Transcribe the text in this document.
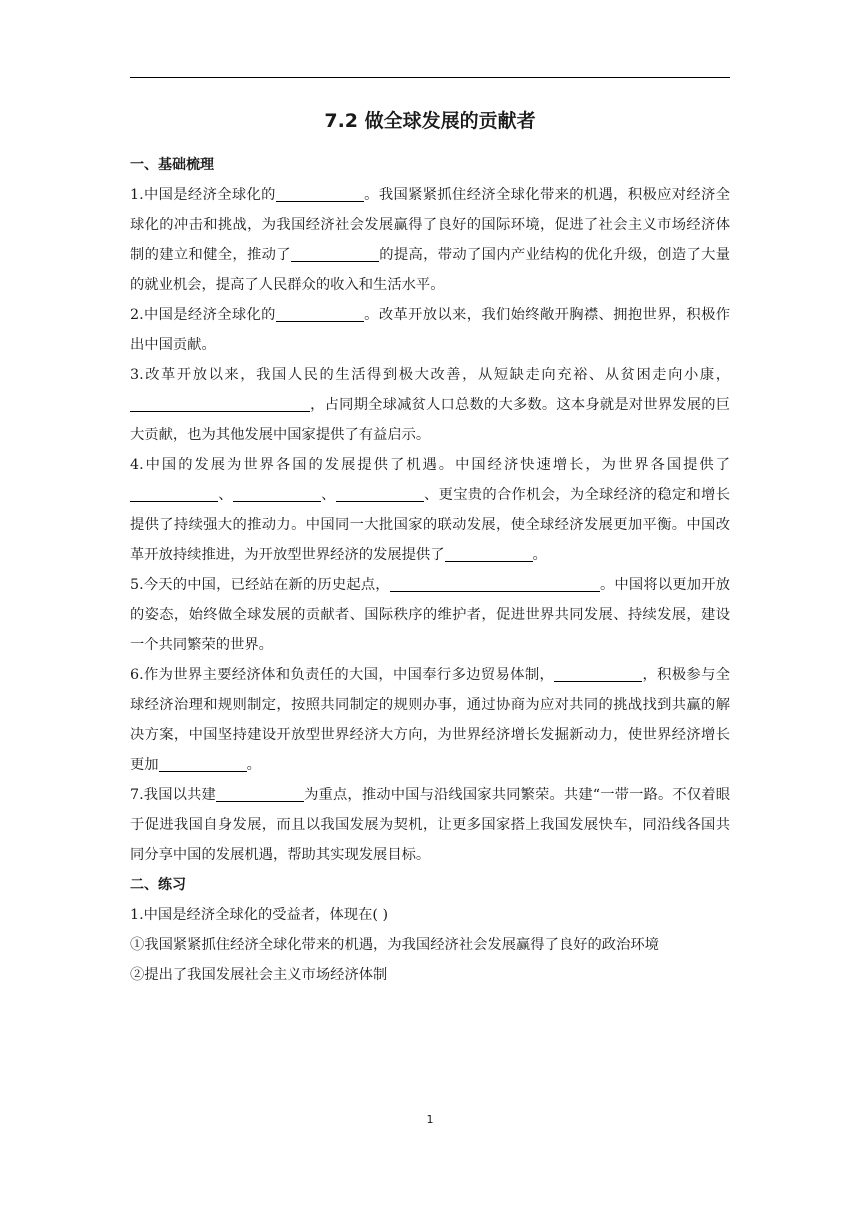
7.2 做全球发展的贡献者
一、基础梳理

1.中国是经济全球化的	。我国紧紧抓住经济全球化带来的机遇，积极应对经济全球化的冲击和挑战，为我国经济社会发展赢得了良好的国际环境，促进了社会主义市场经济体制的建立和健全，推动了	的提高，带动了国内产业结构的优化升级，创造了大量的就业机会，提高了人民群众的收入和生活水平。

2.中国是经济全球化的	。改革开放以来，我们始终敞开胸襟、拥抱世界，积极作出中国贡献。

3.改革开放以来，我国人民的生活得到极大改善，从短缺走向充裕、从贫困走向小康，，占同期全球减贫人口总数的大多数。这本身就是对世界发展的巨大贡献，也为其他发展中国家提供了有益启示。

4.中国的发展为世界各国的发展提供了机遇。中国经济快速增长，为世界各国提供了、	、	、更宝贵的合作机会，为全球经济的稳定和增长提供了持续强大的推动力。中国同一大批国家的联动发展，使全球经济发展更加平衡。中国改革开放持续推进，为开放型世界经济的发展提供了	。

5.今天的中国，已经站在新的历史起点，	。中国将以更加开放的姿态，始终做全球发展的贡献者、国际秩序的维护者，促进世界共同发展、持续发展，建设一个共同繁荣的世界。

6.作为世界主要经济体和负责任的大国，中国奉行多边贸易体制，	，积极参与全球经济治理和规则制定，按照共同制定的规则办事，通过协商为应对共同的挑战找到共赢的解决方案，中国坚持建设开放型世界经济大方向，为世界经济增长发掘新动力，使世界经济增长更加	。

7.我国以共建	为重点，推动中国与沿线国家共同繁荣。共建“一带一路。不仅着眼于促进我国自身发展，而且以我国发展为契机，让更多国家搭上我国发展快车，同沿线各国共同分享中国的发展机遇，帮助其实现发展目标。

二、练习

1.中国是经济全球化的受益者，体现在( )

①我国紧紧抓住经济全球化带来的机遇，为我国经济社会发展赢得了良好的政治环境

②提出了我国发展社会主义市场经济体制

1
